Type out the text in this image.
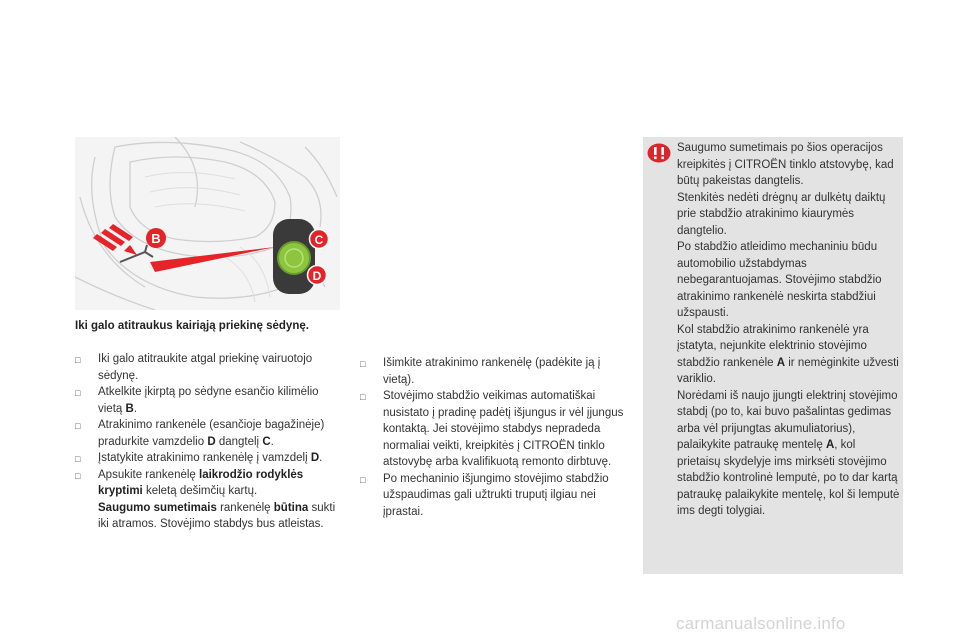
B	C
D
Iki galo atitraukus kairiąją priekinę sėdynę.
□ Iki galo atitraukite atgal priekinę vairuotojo sėdynę.
□ Atkelkite įkirptą po sėdyne esančio kilimėlio vietą B.
□ Atrakinimo rankenėle (esančioje bagažinėje) pradurkite vamzdelio D dangtelį C.
□ Įstatykite atrakinimo rankenėlę į vamzdelį D.
□ Apsukite rankenėlę laikrodžio rodyklės kryptimi keletą dešimčių kartų.
Saugumo sumetimais rankenėlę būtina sukti iki atramos. Stovėjimo stabdys bus atleistas.
□ Išimkite atrakinimo rankenėlę (padėkite ją į vietą).
□ Stovėjimo stabdžio veikimas automatiškai nusistato į pradinę padėtį išjungus ir vėl įjungus kontaktą. Jei stovėjimo stabdys nepradeda normaliai veikti, kreipkitės į CITROËN tinklo atstovybę arba kvalifikuotą remonto dirbtuvę.
□ Po mechaninio išjungimo stovėjimo stabdžio užspaudimas gali užtrukti truputį ilgiau nei įprastai.
Saugumo sumetimais po šios operacijos kreipkitės į CITROËN tinklo atstovybę, kad būtų pakeistas dangtelis.
Stenkitės nedėti drėgnų ar dulkėtų daiktų prie stabdžio atrakinimo kiaurymės dangtelio.
Po stabdžio atleidimo mechaniniu būdu automobilio užstabdymas nebegarantuojamas. Stovėjimo stabdžio atrakinimo rankenėlė neskirta stabdžiui užspausti.
Kol stabdžio atrakinimo rankenėlė yra įstatyta, nejunkite elektrinio stovėjimo stabdžio rankenėle A ir nemėginkite užvesti variklio.
Norėdami iš naujo įjungti elektrinį stovėjimo stabdį (po to, kai buvo pašalintas gedimas arba vėl prijungtas akumuliatorius), palaikykite patraukę mentelę A, kol prietaisų skydelyje ims mirksėti stovėjimo stabdžio kontrolinė lemputė, po to dar kartą patraukę palaikykite mentelę, kol ši lemputė ims degti tolygiai.
carmanualsonline.info
